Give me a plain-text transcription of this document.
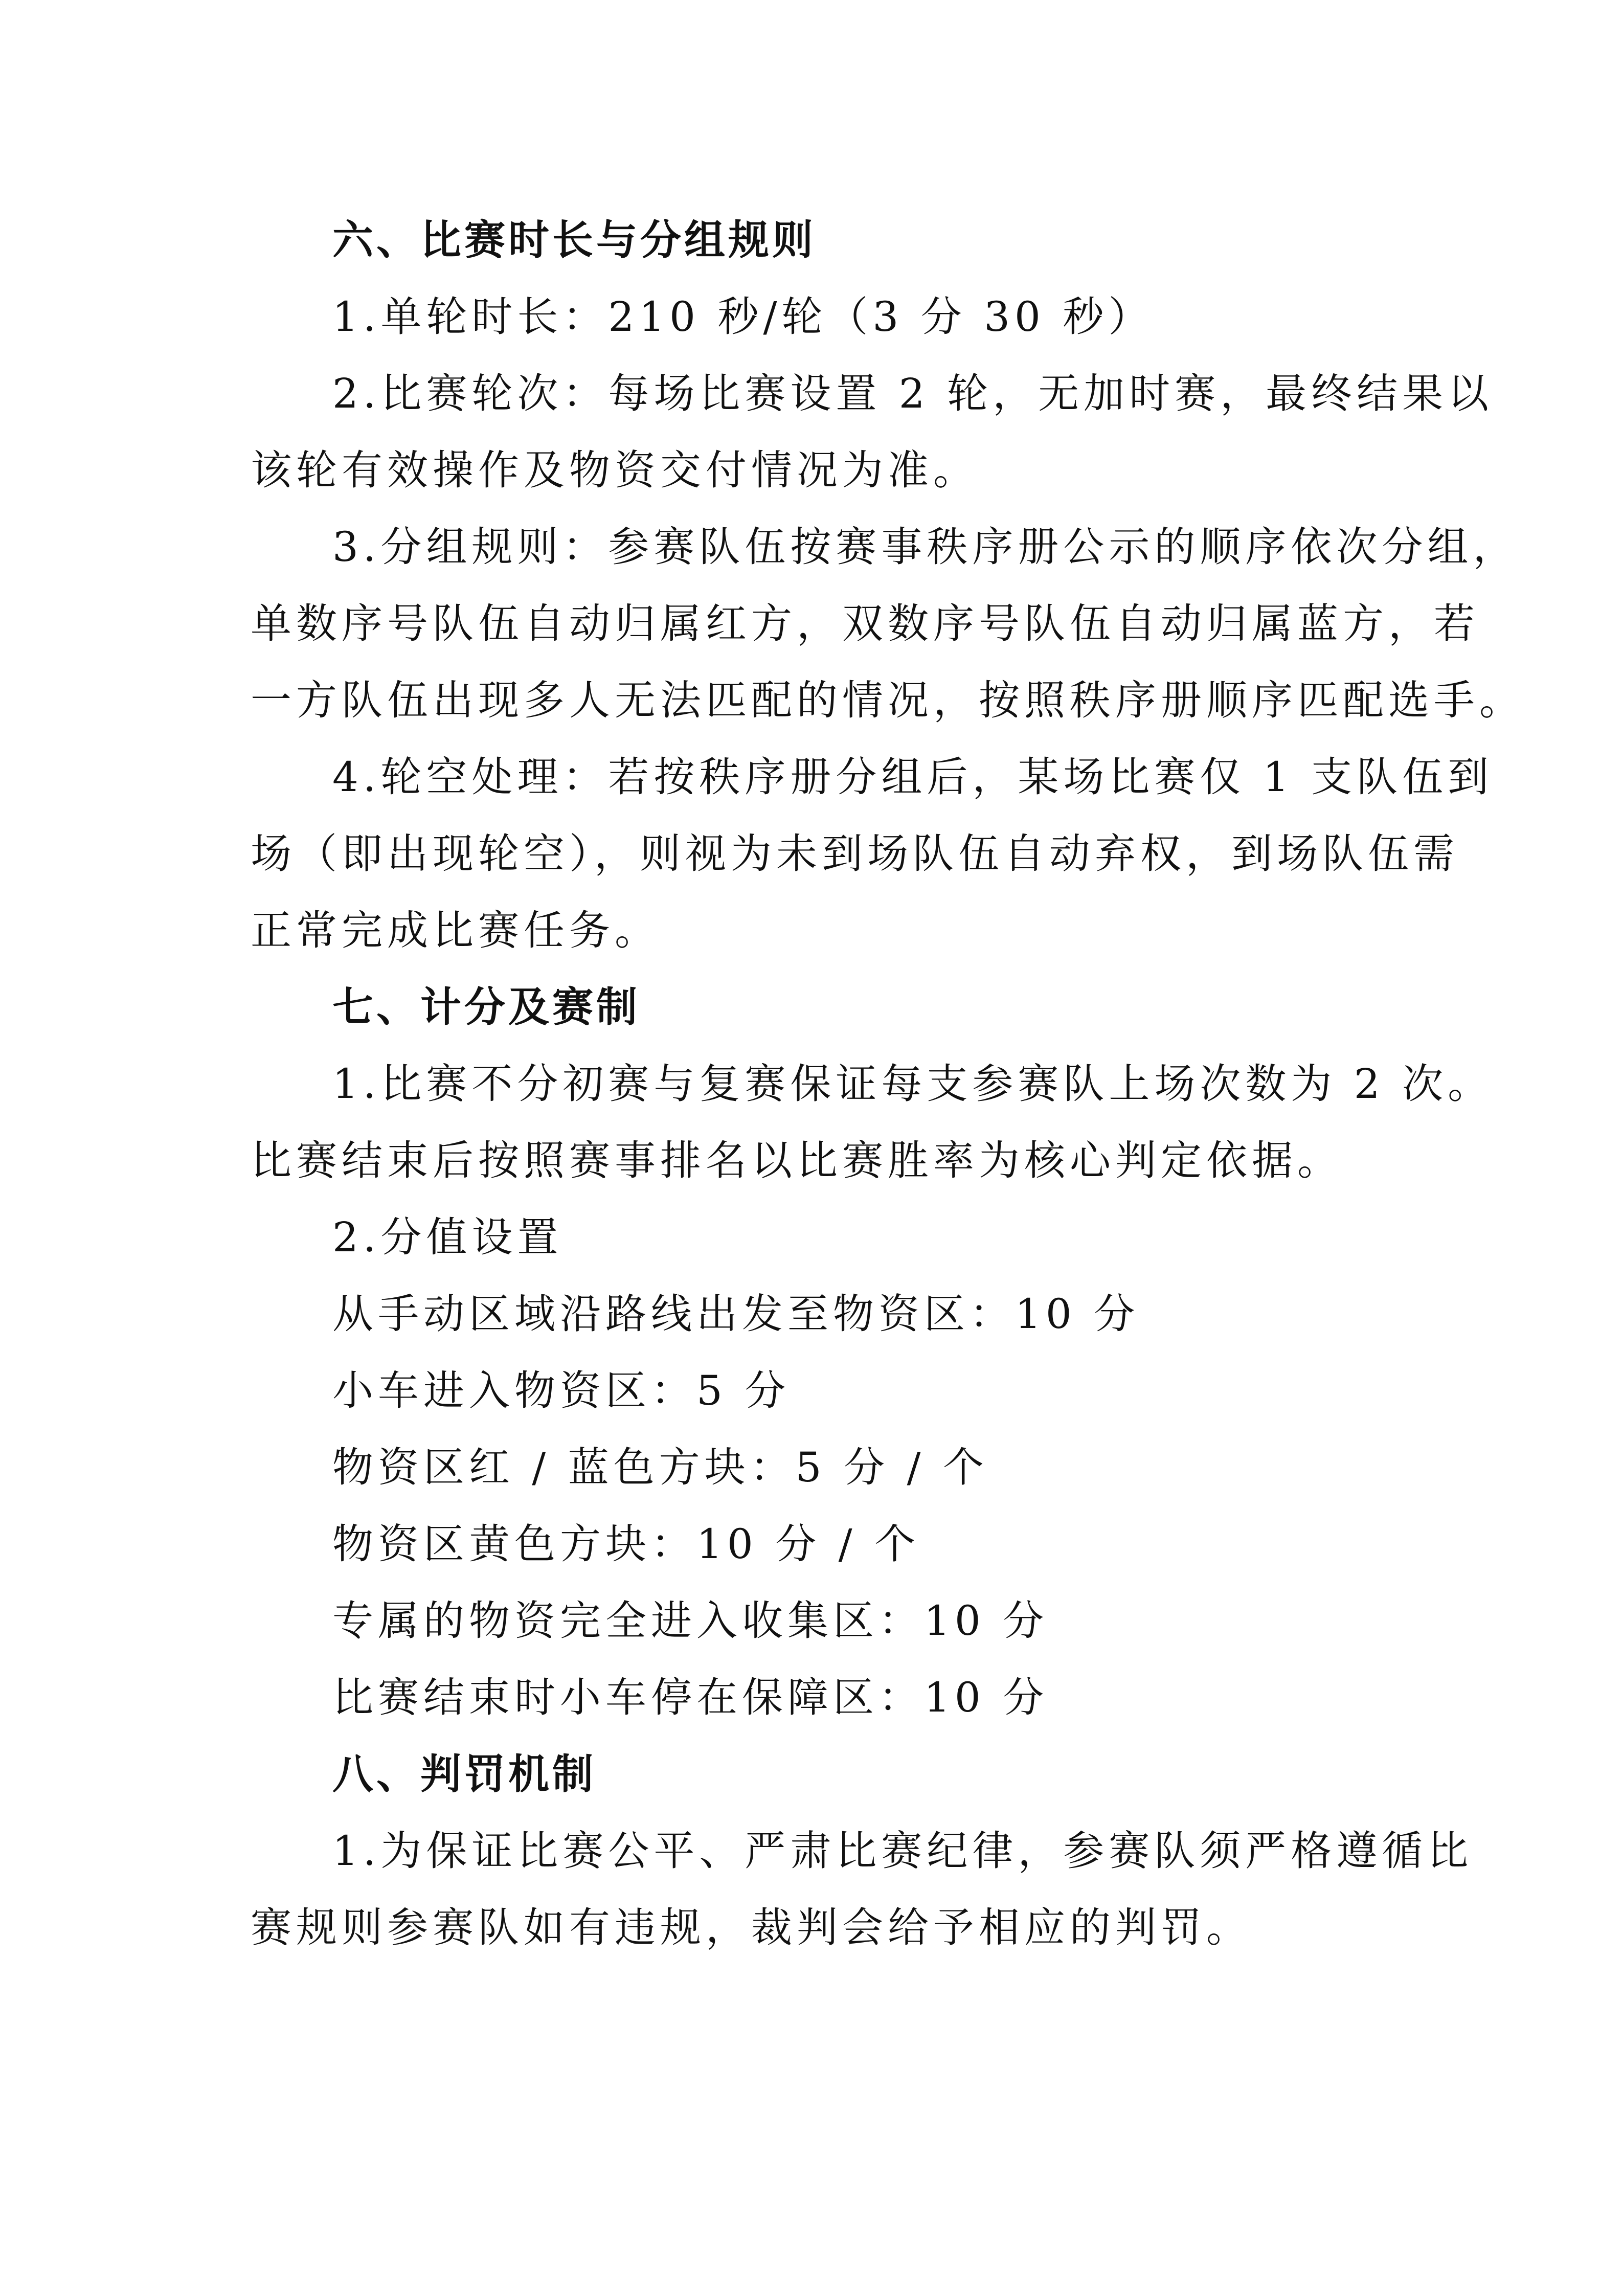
六、比赛时长与分组规则
1.单轮时长：210 秒/轮（3 分 30 秒）
2.比赛轮次：每场比赛设置 2 轮，无加时赛，最终结果以
该轮有效操作及物资交付情况为准。
3.分组规则：参赛队伍按赛事秩序册公示的顺序依次分组，
单数序号队伍自动归属红方，双数序号队伍自动归属蓝方，若
一方队伍出现多人无法匹配的情况，按照秩序册顺序匹配选手。
4.轮空处理：若按秩序册分组后，某场比赛仅 1 支队伍到
场（即出现轮空），则视为未到场队伍自动弃权，到场队伍需
正常完成比赛任务。
七、计分及赛制
1.比赛不分初赛与复赛保证每支参赛队上场次数为 2 次。
比赛结束后按照赛事排名以比赛胜率为核心判定依据。
2.分值设置
从手动区域沿路线出发至物资区：10 分
小车进入物资区：5 分
物资区红 / 蓝色方块：5 分 / 个
物资区黄色方块：10 分 / 个
专属的物资完全进入收集区：10 分
比赛结束时小车停在保障区：10 分
八、判罚机制
1.为保证比赛公平、严肃比赛纪律，参赛队须严格遵循比
赛规则参赛队如有违规，裁判会给予相应的判罚。
